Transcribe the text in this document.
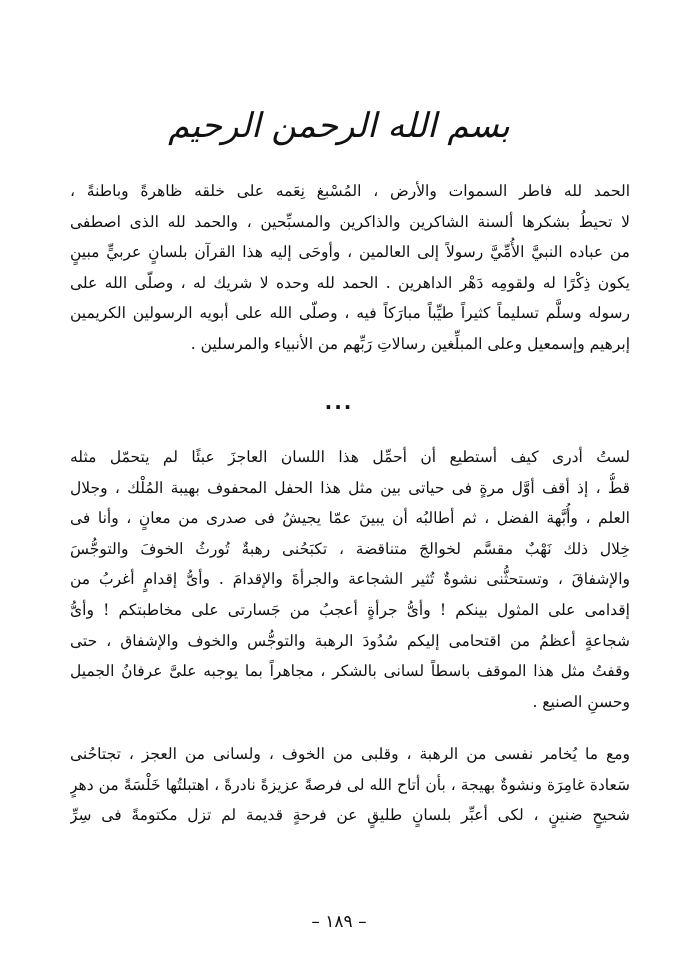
بسم الله الرحمن الرحيم
الحمد لله فاطر السموات والأرض ، المُسْبغ نِعَمه على خلقه ظاهرةً وباطنةً ،
لا تحيطُ بشكرها ألسنة الشاكرين والذاكرين والمسبِّحين ، والحمد لله الذى اصطفى
من عباده النبيَّ الأُمِّيَّ رسولاً إلى العالمين ، وأوحَى إليه هذا القرآن بلسانٍ عربيٍّ مبينٍ
يكون ذِكْرًا له ولقومِه دَهْر الداهرين . الحمد لله وحده لا شريك له ، وصلّى الله على
رسوله وسلَّم تسليماً كثيراً طيِّباً مبارَكاً فيه ، وصلّى الله على أبويه الرسولين الكريمين
إبرهيم وإسمعيل وعلى المبلِّغين رسالاتِ رَبِّهم من الأنبياء والمرسلين .
...
لستُ أدرى كيف أستطيع أن أحمِّل هذا اللسان العاجزَ عبئًا لم يتحمّل مثله
قطُّ ، إذ أقف أوَّل مرةٍ فى حياتى بين مثل هذا الحفل المحفوف بهيبة المُلْك ، وجلال
العلم ، وأُبَّهة الفضل ، ثم أطالبُه أن يبينَ عمّا يجيشُ فى صدرى من معانٍ ، وأنا فى
خِلال ذلك نَهْبٌ مقسَّم لخوالجَ متناقضة ، تكبَحُنى رهبةٌ تُورثُ الخوفَ والتوجُّسَ
والإشفاقَ ، وتستحثُّنى نشوةٌ تُثير الشجاعة والجرأةَ والإقدامَ . وأىُّ إقدامٍ أغربُ من
إقدامى على المثول بينكم ! وأىُّ جرأةٍ أعجبُ من جَسارتى على مخاطبتكم ! وأىُّ
شجاعةٍ أعظمُ من اقتحامى إليكم سُدُودَ الرهبة والتوجُّس والخوف والإشفاق ، حتى
وقفتُ مثل هذا الموقف باسطاً لسانى بالشكر ، مجاهراً بما يوجبه علىَّ عرفانُ الجميل
وحسنِ الصنيع .
ومع ما يُخامر نفسى من الرهبة ، وقلبى من الخوف ، ولسانى من العجز ، تجتاحُنى
سَعادة غامِرَة ونشوةٌ بهيجة ، بأن أتاح الله لى فرصةً عزيزةً نادرةً ، اهتبلتُها خَلْسَةً من دهرٍ
شحيحٍ ضنينٍ ، لكى أعبِّر بلسانٍ طليقٍ عن فرحةٍ قديمة لم تزل مكتومةً فى سِرِّ
– ١٨٩ –
